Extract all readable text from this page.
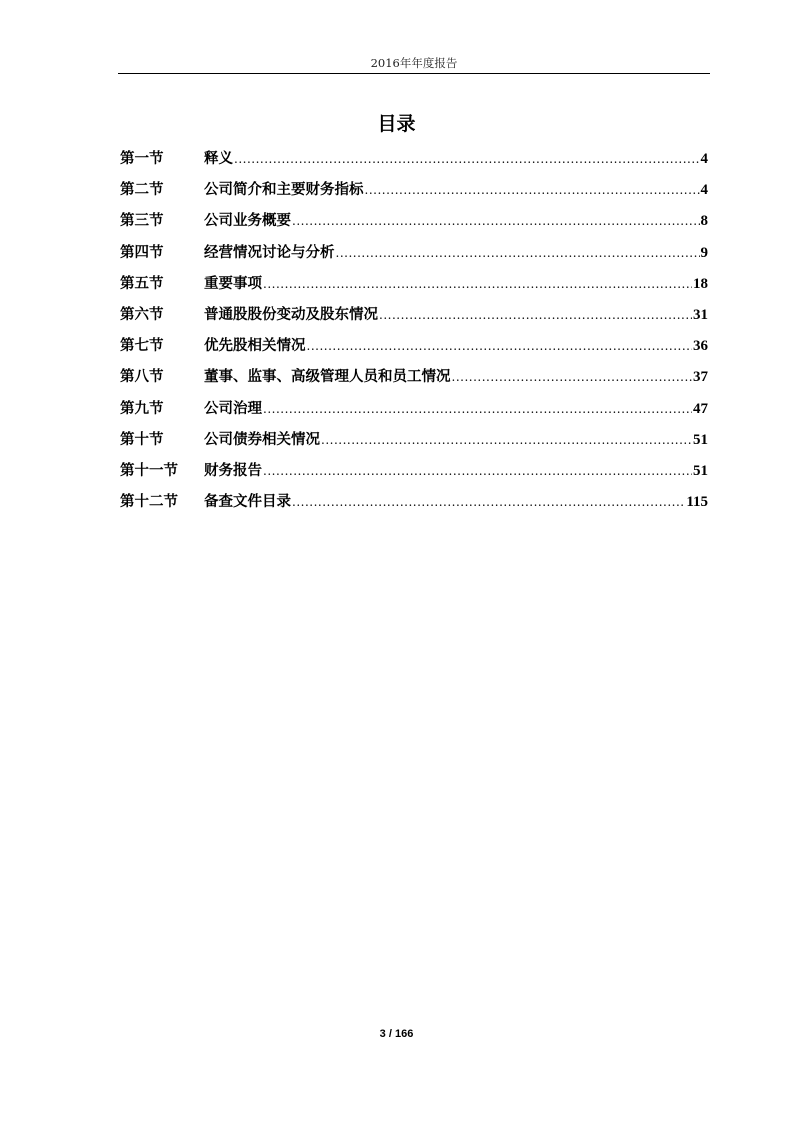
2016年年度报告
目录
第一节	释义 .....	4
第二节	公司简介和主要财务指标 .....	4
第三节	公司业务概要 .....	8
第四节	经营情况讨论与分析 .....	9
第五节	重要事项 .....	18
第六节	普通股股份变动及股东情况 .....	31
第七节	优先股相关情况 .....	36
第八节	董事、监事、高级管理人员和员工情况 .....	37
第九节	公司治理 .....	47
第十节	公司债券相关情况 .....	51
第十一节	财务报告 .....	51
第十二节	备查文件目录 .....	115
3 / 166
